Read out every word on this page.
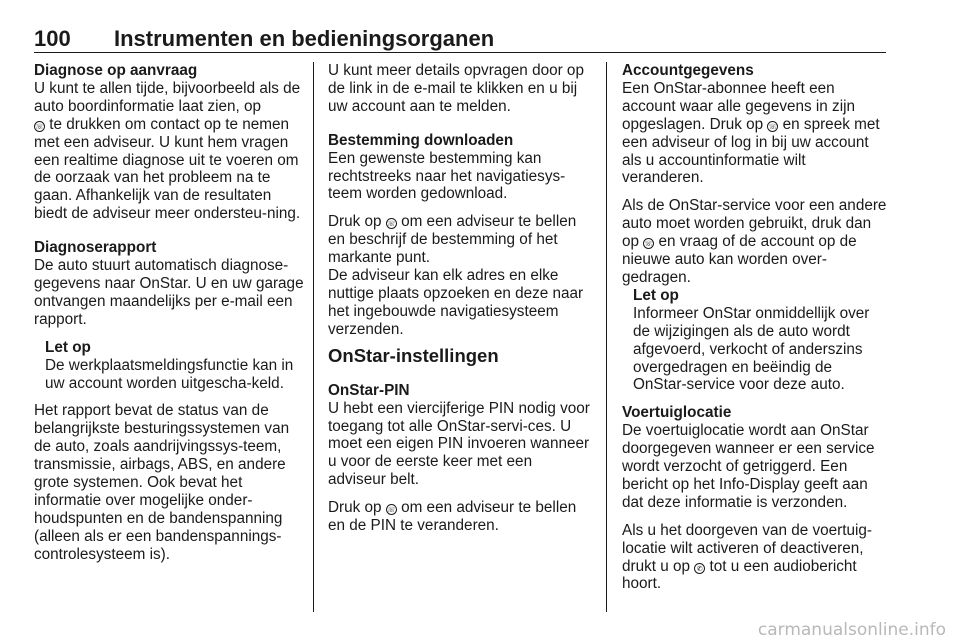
100 Instrumenten en bedieningsorganen
Diagnose op aanvraag

U kunt te allen tijde, bijvoorbeeld als de auto boordinformatie laat zien, op
☏ te drukken om contact op te nemen met een adviseur. U kunt hem vragen een realtime diagnose uit te voeren om de oorzaak van het probleem na te gaan. Afhankelijk van de resultaten biedt de adviseur meer ondersteu-ning.

Diagnoserapport

De auto stuurt automatisch diagnose-gegevens naar OnStar. U en uw garage ontvangen maandelijks per e-mail een rapport.

Let op
De werkplaatsmeldingsfunctie kan in uw account worden uitgescha-keld.

Het rapport bevat de status van de belangrijkste besturingssystemen van de auto, zoals aandrijvingssys-teem, transmissie, airbags, ABS, en andere grote systemen. Ook bevat het informatie over mogelijke onder-houdspunten en de bandenspanning (alleen als er een bandenspannings-controlesysteem is).

U kunt meer details opvragen door op de link in de e-mail te klikken en u bij uw account aan te melden.

Bestemming downloaden

Een gewenste bestemming kan rechtstreeks naar het navigatiesys-teem worden gedownload.

Druk op ☏ om een adviseur te bellen en beschrijf de bestemming of het markante punt.

De adviseur kan elk adres en elke nuttige plaats opzoeken en deze naar het ingebouwde navigatiesysteem verzenden.

OnStar-instellingen
OnStar-PIN

U hebt een viercijferige PIN nodig voor toegang tot alle OnStar-servi-ces. U moet een eigen PIN invoeren wanneer u voor de eerste keer met een adviseur belt.

Druk op ☏ om een adviseur te bellen en de PIN te veranderen.

Accountgegevens

Een OnStar-abonnee heeft een account waar alle gegevens in zijn opgeslagen. Druk op ☏ en spreek met een adviseur of log in bij uw account als u accountinformatie wilt veranderen.

Als de OnStar-service voor een andere auto moet worden gebruikt, druk dan op ☏ en vraag of de account op de nieuwe auto kan worden over-gedragen.

Let op
Informeer OnStar onmiddellijk over de wijzigingen als de auto wordt afgevoerd, verkocht of anderszins overgedragen en beëindig de OnStar-service voor deze auto.
Voertuiglocatie

De voertuiglocatie wordt aan OnStar doorgegeven wanneer er een service wordt verzocht of getriggerd. Een bericht op het Info-Display geeft aan dat deze informatie is verzonden.

Als u het doorgeven van de voertuig-locatie wilt activeren of deactiveren, drukt u op ✆ tot u een audiobericht hoort.

carmanualsonline.info
